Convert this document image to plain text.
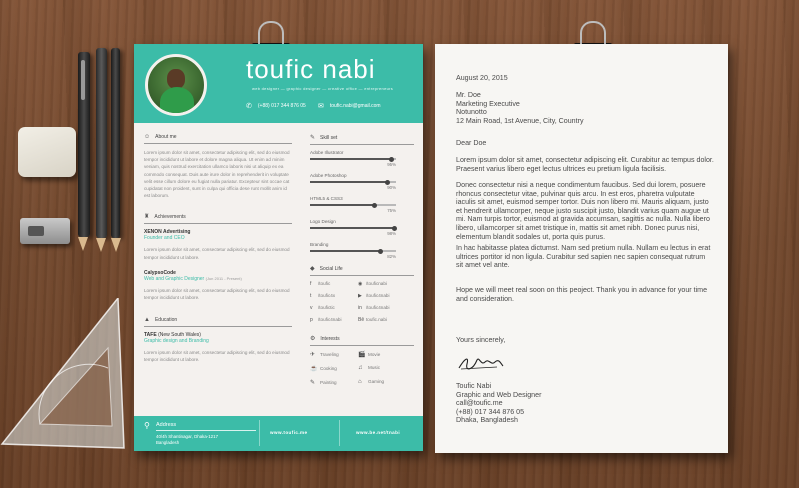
toufic nabi
web designer — graphic designer — creative office — entrepreneurs
✆ (+88) 017 344 876 05 ✉ toufic.nabi@gmail.com
☺ About me
Lorem ipsum dolor sit amet, consectetur adipiscing elit, sed do eiusmod tempor incididunt ut labore et dolore magna aliqua. Ut enim ad minim veniam, quis nostrud exercitation ullamco laboris nisi ut aliquip ex ea commodo consequat. Duis aute irure dolor in reprehenderit in voluptate velit esse cillum dolore eu fugiat nulla pariatur. Excepteur sint occae cat cupidatat non proident, sunt in culpa qui officia dese runt mollit anim id est laborum.
♜ Achievements
XENON Advertising
Founder and CEO
Lorem ipsum dolor sit amet, consectetur adipiscing elit, sed do eiusmod tempor incididunt ut labore.
CalypsoCode
Web and Graphic Designer (Jun 2011 - Present)
Lorem ipsum dolor sit amet, consectetur adipiscing elit, sed do eiusmod tempor incididunt ut labore.
▲ Education
TAFE (New South Wales)
Graphic design and Branding
Lorem ipsum dolor sit amet, consectetur adipiscing elit, sed do eiusmod tempor incididunt ut labore.
✎ Skill set
Adobe Illustrator
95%
Adobe Photoshop
90%
HTML5 & CSS3
75%
Logo Design
98%
Branding
82%
◆ Social Life
f /toufic	◉ /touficnabi
t /toufic4x	▶ /toufic4nabi
v /toufictic	in /toufic4nabi
p /toufic4nabi	Bē toufic.nabi
⚙ Interests
✈ Traveling	🎬 Movie
☕ Cooking	♫ Music
✎ Painting	⌂ Gaming
⚲ Address
40/4h Shantinagar, Dhaka-1217
Bangladesh
www.toufic.me	www.be.net/tnabi
August 20, 2015
Mr. Doe
Marketing Executive
Notunotto
12 Main Road, 1st Avenue, City, Country
Dear Doe
Lorem ipsum dolor sit amet, consectetur adipiscing elit. Curabitur ac tempus dolor. Praesent varius libero eget lectus ultrices eu pretium ligula facilisis.
Donec consectetur nisi a neque condimentum faucibus. Sed dui lorem, posuere rhoncus consectetur vitae, pulvinar quis arcu. In est eros, pharetra vulputate iaculis sit amet, euismod semper tortor. Duis non libero mi. Mauris aliquam, justo et hendrerit ullamcorper, neque justo suscipit justo, blandit varius quam augue ut mi. Nam turpis tortor, euismod at gravida accumsan, sagittis ac nulla. Nulla libero libero, ullamcorper sit amet tristique in, mattis sit amet nibh. Donec purus nisi, elementum blandit sodales ut, porta quis purus.
In hac habitasse platea dictumst. Nam sed pretium nulla. Nullam eu lectus in erat ultrices portitor id non ligula. Curabitur sed sapien nec sapien consequat rutrum sit amet vel ante.
Hope we will meet real soon on this peoject. Thank you in advance for your time and consideration.
Yours sincerely,
Toufic Nabi
Graphic and Web Designer
call@toufic.me
(+88) 017 344 876 05
Dhaka, Bangladesh
